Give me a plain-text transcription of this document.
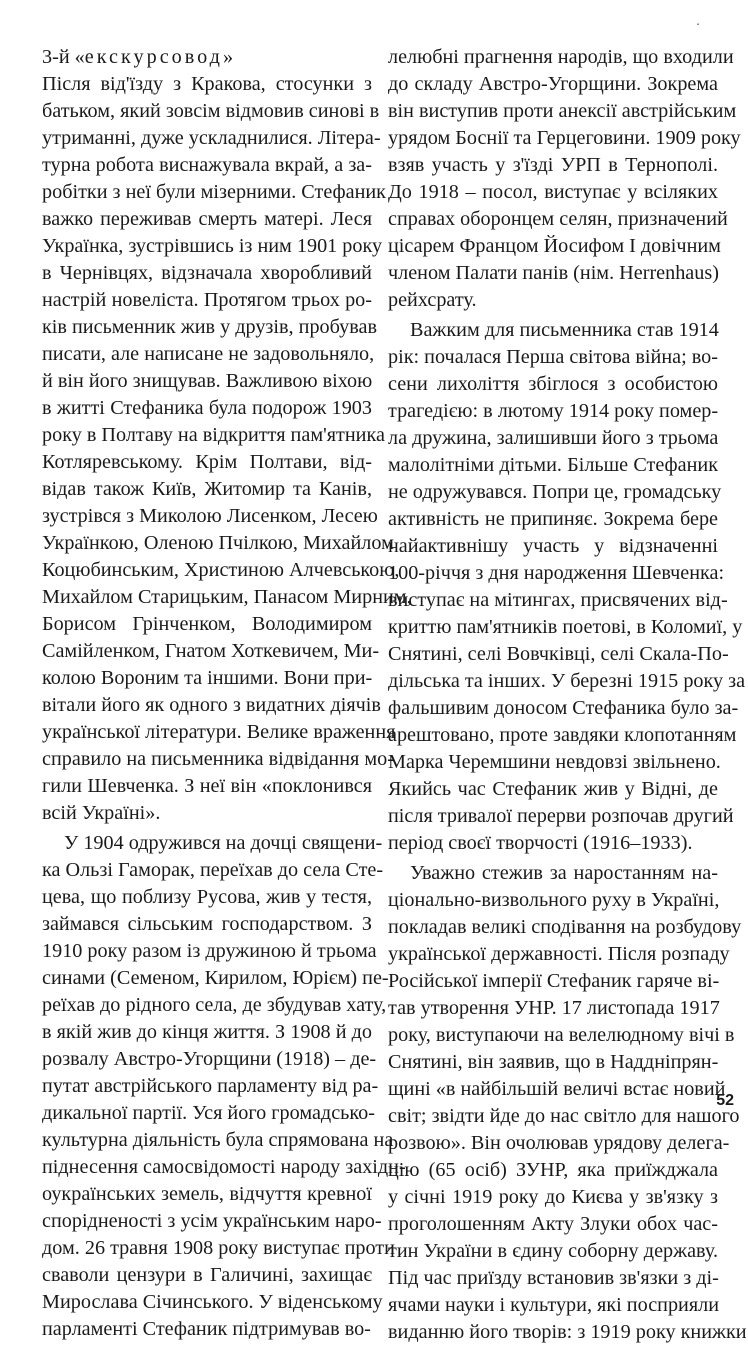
.

3-й «екскурсовод»
Після від'їзду з Кракова, стосунки з
батьком, який зовсім відмовив синові в
утриманні, дуже ускладнилися. Літера-
турна робота виснажувала вкрай, а за-
робітки з неї були мізерними. Стефаник
важко переживав смерть матері. Леся
Українка, зустрівшись із ним 1901 року
в Чернівцях, відзначала хворобливий
настрій новеліста. Протягом трьох ро-
ків письменник жив у друзів, пробував
писати, але написане не задовольняло,
й він його знищував. Важливою віхою
в житті Стефаника була подорож 1903
року в Полтаву на відкриття пам'ятника
Котляревському. Крім Полтави, від-
відав також Київ, Житомир та Канів,
зустрівся з Миколою Лисенком, Лесею
Українкою, Оленою Пчілкою, Михайлом
Коцюбинським, Христиною Алчевською,
Михайлом Старицьким, Панасом Мирним,
Борисом Грінченком, Володимиром
Самійленком, Гнатом Хоткевичем, Ми-
колою Вороним та іншими. Вони при-
вітали його як одного з видатних діячів
української літератури. Велике враження
справило на письменника відвідання мо-
гили Шевченка. З неї він «поклонився
всій Україні».

У 1904 одружився на дочці священи-
ка Ользі Гаморак, переїхав до села Сте-
цева, що поблизу Русова, жив у тестя,
займався сільським господарством. З
1910 року разом із дружиною й трьома
синами (Семеном, Кирилом, Юрієм) пе-
реїхав до рідного села, де збудував хату,
в якій жив до кінця життя. З 1908 й до
розвалу Австро-Угорщини (1918) – де-
путат австрійського парламенту від ра-
дикальної партії. Уся його громадсько-
культурна діяльність була спрямована на
піднесення самосвідомості народу західн-
оукраїнських земель, відчуття кревної
спорідненості з усім українським наро-
дом. 26 травня 1908 року виступає проти
сваволи цензури в Галичині, захищає
Мирослава Січинського. У віденському
парламенті Стефаник підтримував во-

лелюбні прагнення народів, що входили
до складу Австро-Угорщини. Зокрема
він виступив проти анексії австрійським
урядом Боснії та Герцеговини. 1909 року
взяв участь у з'їзді УРП в Тернополі.
До 1918 – посол, виступає у всіляких
справах оборонцем селян, призначений
цісарем Францом Йосифом І довічним
членом Палати панів (нім. Herrenhaus)
рейхсрату.

Важким для письменника став 1914
рік: почалася Перша світова війна; во-
сени лихоліття збіглося з особистою
трагедією: в лютому 1914 року помер-
ла дружина, залишивши його з трьома
малолітніми дітьми. Більше Стефаник
не одружувався. Попри це, громадську
активність не припиняє. Зокрема бере
найактивнішу участь у відзначенні
100-річчя з дня народження Шевченка:
виступає на мітингах, присвячених від-
криттю пам'ятників поетові, в Коломиї, у
Снятині, селі Вовчківці, селі Скала-По-
дільська та інших. У березні 1915 року за
фальшивим доносом Стефаника було за-
арештовано, проте завдяки клопотанням
Марка Черемшини невдовзі звільнено.
Якийсь час Стефаник жив у Відні, де
після тривалої перерви розпочав другий
період своєї творчості (1916–1933).

Уважно стежив за наростанням на-
ціонально-визвольного руху в Україні,
покладав великі сподівання на розбудову
української державності. Після розпаду
Російської імперії Стефаник гаряче ві-
тав утворення УНР. 17 листопада 1917
року, виступаючи на велелюдному вічі в
Снятині, він заявив, що в Наддніпрян-
щині «в найбільшій величі встає новий
світ; звідти йде до нас світло для нашого
розвою». Він очолював урядову делега-
цію (65 осіб) ЗУНР, яка приїжджала
у січні 1919 року до Києва у зв'язку з
проголошенням Акту Злуки обох час-
тин України в єдину соборну державу.
Під час приїзду встановив зв'язки з ді-
ячами науки і культури, які посприяли
виданню його творів: з 1919 року книжки

52
